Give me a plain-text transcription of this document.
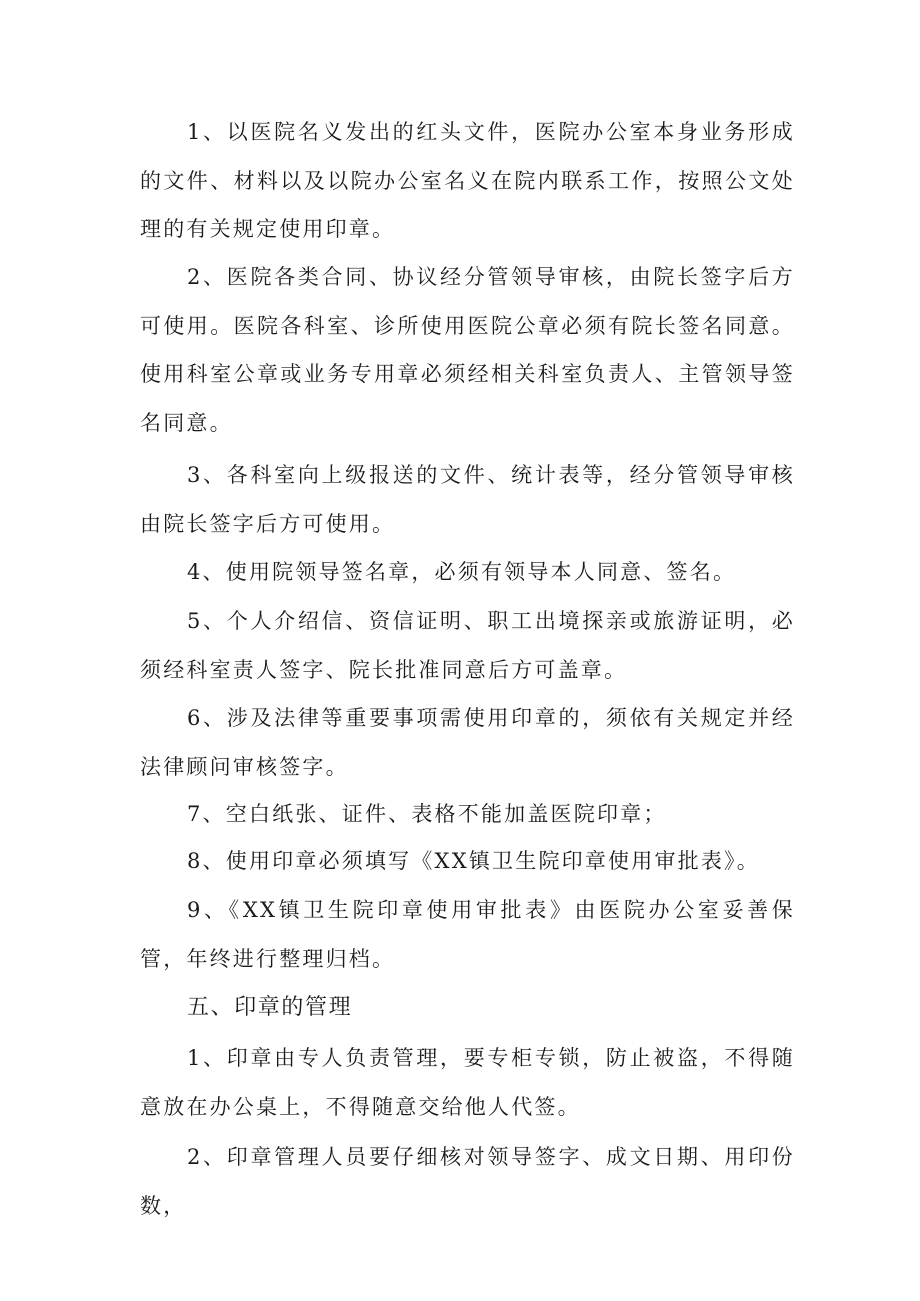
1、以医院名义发出的红头文件，医院办公室本身业务形成的文件、材料以及以院办公室名义在院内联系工作，按照公文处理的有关规定使用印章。

2、医院各类合同、协议经分管领导审核，由院长签字后方可使用。医院各科室、诊所使用医院公章必须有院长签名同意。使用科室公章或业务专用章必须经相关科室负责人、主管领导签名同意。

3、各科室向上级报送的文件、统计表等，经分管领导审核由院长签字后方可使用。

4、使用院领导签名章，必须有领导本人同意、签名。

5、个人介绍信、资信证明、职工出境探亲或旅游证明，必须经科室责人签字、院长批准同意后方可盖章。

6、涉及法律等重要事项需使用印章的，须依有关规定并经法律顾问审核签字。

7、空白纸张、证件、表格不能加盖医院印章；

8、使用印章必须填写《XX镇卫生院印章使用审批表》。

9、《XX镇卫生院印章使用审批表》由医院办公室妥善保管，年终进行整理归档。

五、印章的管理

1、印章由专人负责管理，要专柜专锁，防止被盗，不得随意放在办公桌上，不得随意交给他人代签。

2、印章管理人员要仔细核对领导签字、成文日期、用印份数，
